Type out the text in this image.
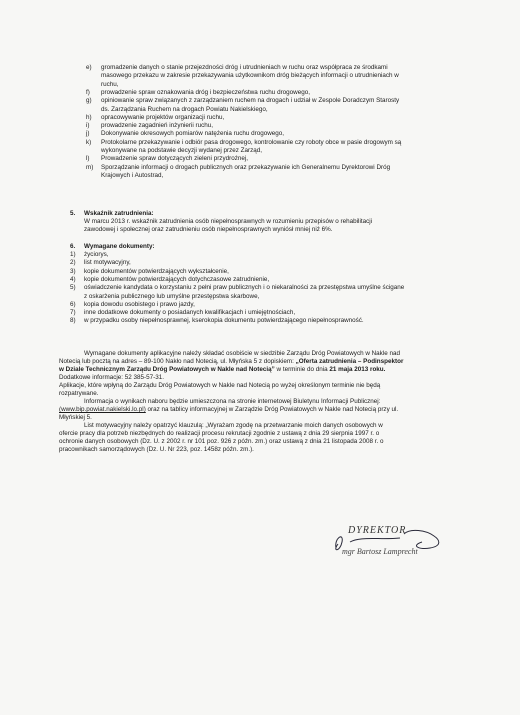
e)	gromadzenie danych o stanie przejezdności dróg i utrudnieniach w ruchu oraz współpraca ze środkami
masowego przekazu w zakresie przekazywania użytkownikom dróg bieżących informacji o utrudnieniach w
ruchu,
f)	prowadzenie spraw oznakowania dróg i bezpieczeństwa ruchu drogowego,
g)	opiniowanie spraw związanych z zarządzaniem ruchem na drogach i udział w Zespole Doradczym Starosty
ds. Zarządzania Ruchem na drogach Powiatu Nakielskiego,
h)	opracowywanie projektów organizacji ruchu,
i)	prowadzenie zagadnień inżynierii ruchu,
j)	Dokonywanie okresowych pomiarów natężenia ruchu drogowego,
k)	Protokolarne przekazywanie i odbiór pasa drogowego, kontrolowanie czy roboty obce w pasie drogowym są
wykonywane na podstawie decyzji wydanej przez Zarząd,
l)	Prowadzenie spraw dotyczących zieleni przydrożnej,
m)	Sporządzanie informacji o drogach publicznych oraz przekazywanie ich Generalnemu Dyrektorowi Dróg
Krajowych i Autostrad,
5.	Wskaźnik zatrudnienia:
W marcu 2013 r. wskaźnik zatrudnienia osób niepełnosprawnych w rozumieniu przepisów o rehabilitacji
zawodowej i społecznej oraz zatrudnieniu osób niepełnosprawnych wyniósł mniej niż 6%.
6.	Wymagane dokumenty:
1)	życiorys,
2)	list motywacyjny,
3)	kopie dokumentów potwierdzających wykształcenie,
4)	kopie dokumentów potwierdzających dotychczasowe zatrudnienie,
5)	oświadczenie kandydata o korzystaniu z pełni praw publicznych i o niekaralności za przestępstwa umyślne ścigane
z oskarżenia publicznego lub umyślne przestępstwa skarbowe,
6)	kopia dowodu osobistego i prawo jazdy,
7)	inne dodatkowe dokumenty o posiadanych kwalifikacjach i umiejętnościach,
8)	w przypadku osoby niepełnosprawnej, kserokopia dokumentu potwierdzającego niepełnosprawność.
Wymagane dokumenty aplikacyjne należy składać osobiście w siedzibie Zarządu Dróg Powiatowych w Nakle nad
Notecią lub pocztą na adres – 89-100 Nakło nad Notecią, ul. Młyńska 5 z dopiskiem: „Oferta zatrudnienia – Podinspektor
w Dziale Technicznym Zarządu Dróg Powiatowych w Nakle nad Notecią” w terminie do dnia 21 maja 2013 roku.
Dodatkowe informacje: 52 385-57-31.
Aplikacje, które wpłyną do Zarządu Dróg Powiatowych w Nakle nad Notecią po wyżej określonym terminie nie będą
rozpatrywane.
Informacja o wynikach naboru będzie umieszczona na stronie internetowej Biuletynu Informacji Publicznej:
(www.bip.powiat.nakielski.lo.pl) oraz na tablicy informacyjnej w Zarządzie Dróg Powiatowych w Nakle nad Notecią przy ul.
Młyńskiej 5.
List motywacyjny należy opatrzyć klauzulą: „Wyrażam zgodę na przetwarzanie moich danych osobowych w
ofercie pracy dla potrzeb niezbędnych do realizacji procesu rekrutacji zgodnie z ustawą z dnia 29 sierpnia 1997 r. o
ochronie danych osobowych (Dz. U. z 2002 r. nr 101 poz. 926 z późn. zm.) oraz ustawą z dnia 21 listopada 2008 r. o
pracownikach samorządowych (Dz. U. Nr 223, poz. 1458z późn. zm.).
DYREKTOR
mgr Bartosz Lamprecht
